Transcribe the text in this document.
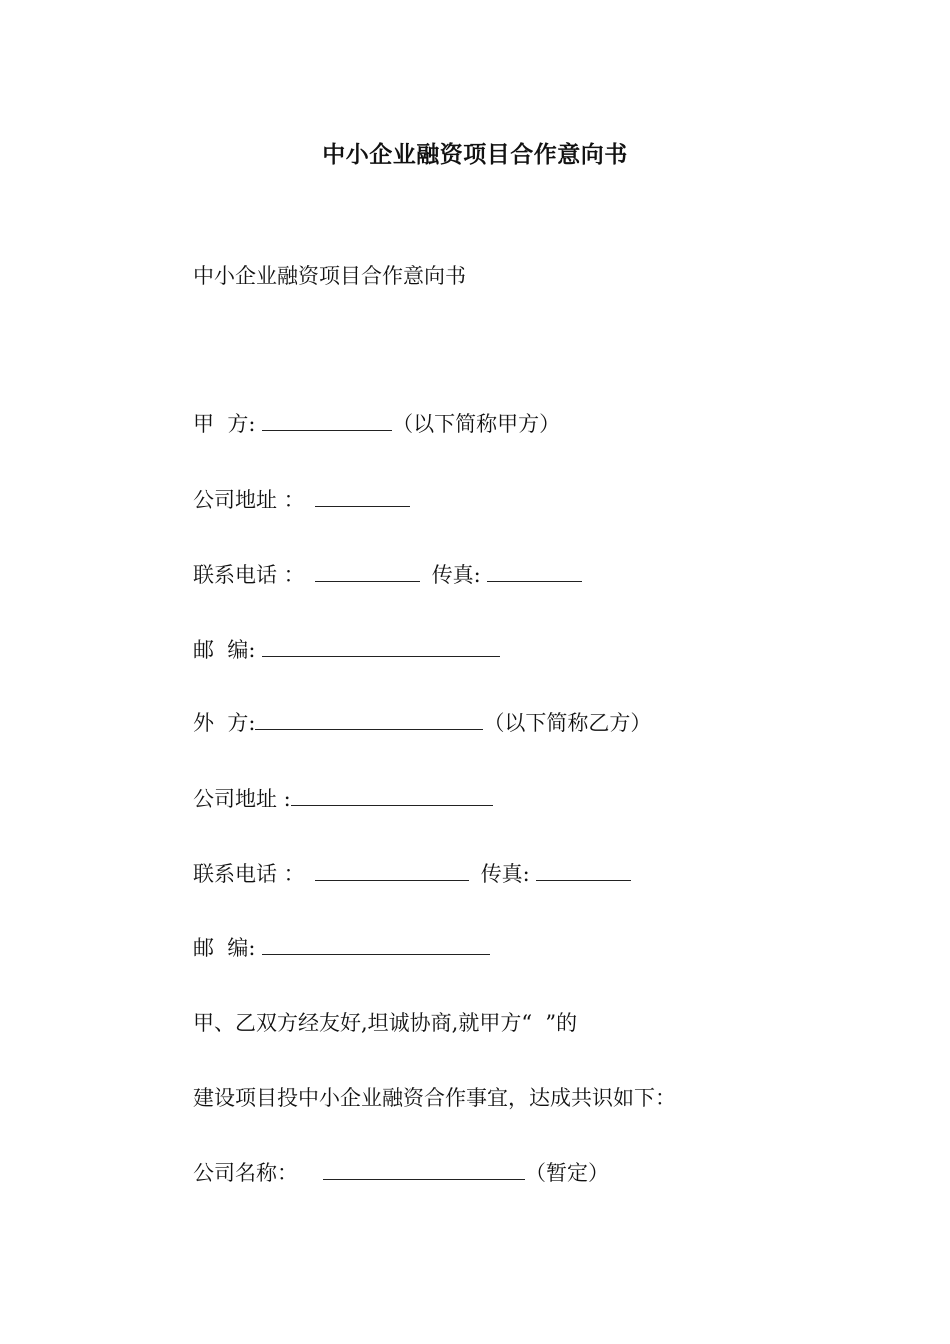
中小企业融资项目合作意向书
中小企业融资项目合作意向书
甲  方:	（以下简称甲方）
公司地址 ：
联系电话 ：	传真:
邮  编:
外  方:	（以下简称乙方）
公司地址 :
联系电话 ：	传真:
邮  编:
甲、乙双方经友好,坦诚协商,就甲方“  ”的
建设项目投中小企业融资合作事宜，达成共识如下：
公司名称：	（暂定）
